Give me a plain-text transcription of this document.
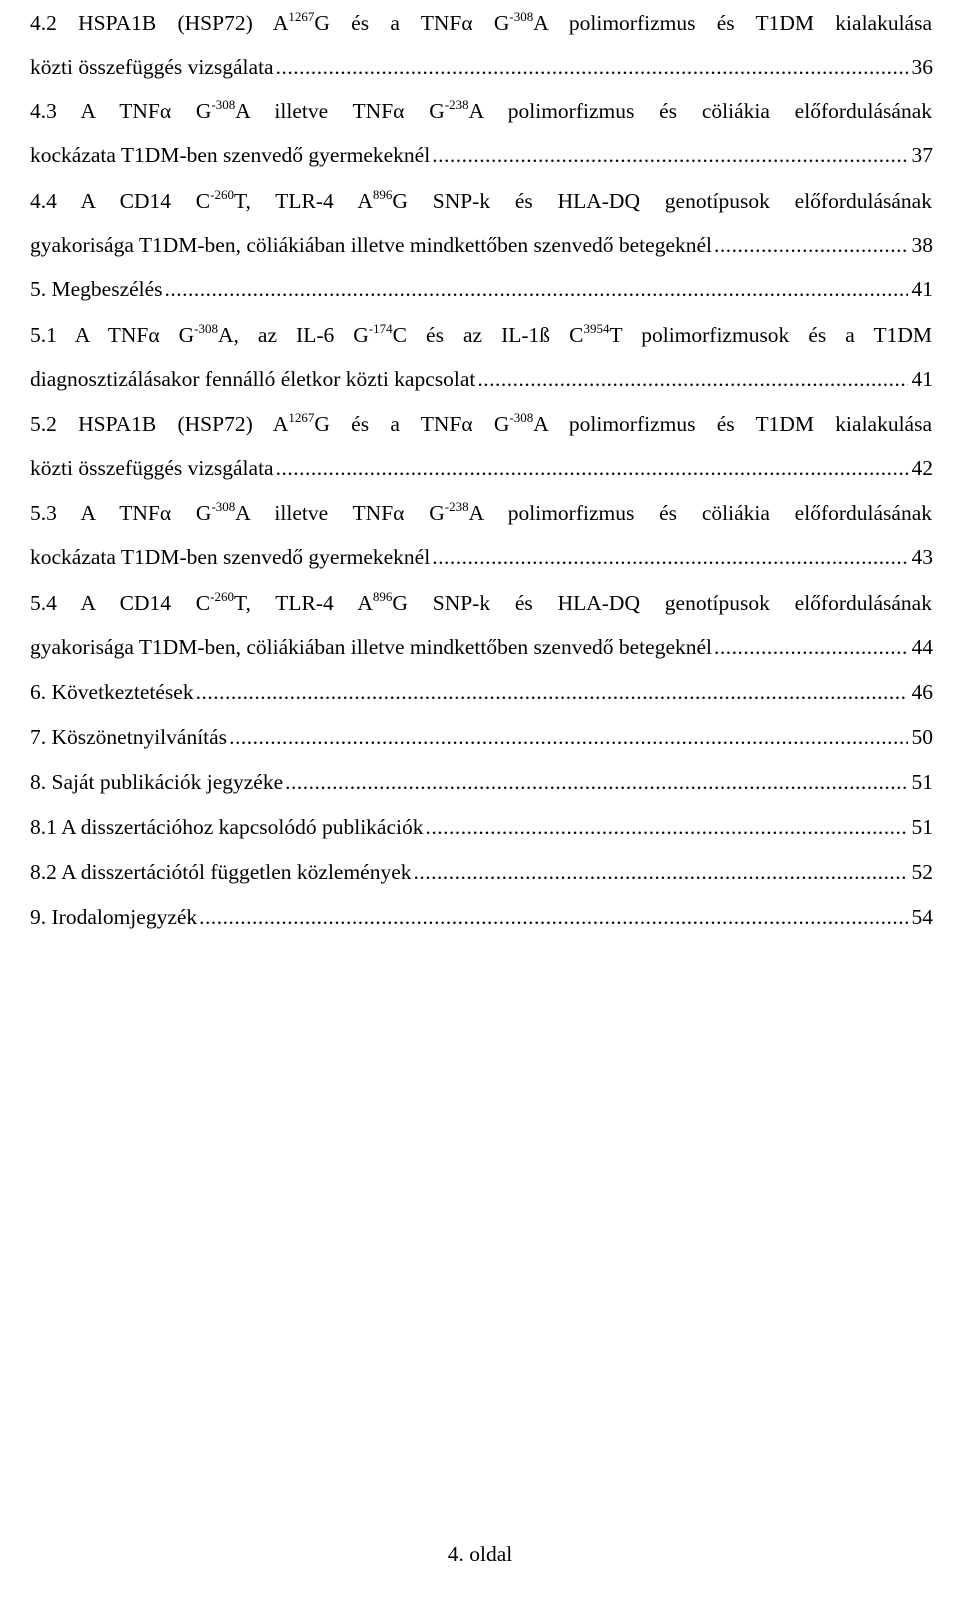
4.2 HSPA1B (HSP72) $A^{1267}G$ és a TNFα $G^{-308}A$ polimorfizmus és T1DM kialakulása
közti összefüggés vizsgálata .....	36
4.3 A TNFα $G^{-308}A$ illetve TNFα $G^{-238}A$ polimorfizmus és cöliákia előfordulásának
kockázata T1DM-ben szenvedő gyermekeknél .....	37
4.4 A CD14 $C^{-260}T$, TLR-4 $A^{896}G$ SNP-k és HLA-DQ genotípusok előfordulásának
gyakorisága T1DM-ben, cöliákiában illetve mindkettőben szenvedő betegeknél .....	38
5. Megbeszélés .....	41
5.1 A TNFα $G^{-308}A$, az IL-6 $G^{-174}C$ és az IL-1ß $C^{3954}T$ polimorfizmusok és a T1DM
diagnosztizálásakor fennálló életkor közti kapcsolat .....	41
5.2 HSPA1B (HSP72) $A^{1267}G$ és a TNFα $G^{-308}A$ polimorfizmus és T1DM kialakulása
közti összefüggés vizsgálata .....	42
5.3 A TNFα $G^{-308}A$ illetve TNFα $G^{-238}A$ polimorfizmus és cöliákia előfordulásának
kockázata T1DM-ben szenvedő gyermekeknél .....	43
5.4 A CD14 $C^{-260}T$, TLR-4 $A^{896}G$ SNP-k és HLA-DQ genotípusok előfordulásának
gyakorisága T1DM-ben, cöliákiában illetve mindkettőben szenvedő betegeknél .....	44
6. Következtetések .....	46
7. Köszönetnyilvánítás .....	50
8. Saját publikációk jegyzéke .....	51
8.1 A disszertációhoz kapcsolódó publikációk .....	51
8.2 A disszertációtól független közlemények .....	52
9. Irodalomjegyzék .....	54
4. oldal
